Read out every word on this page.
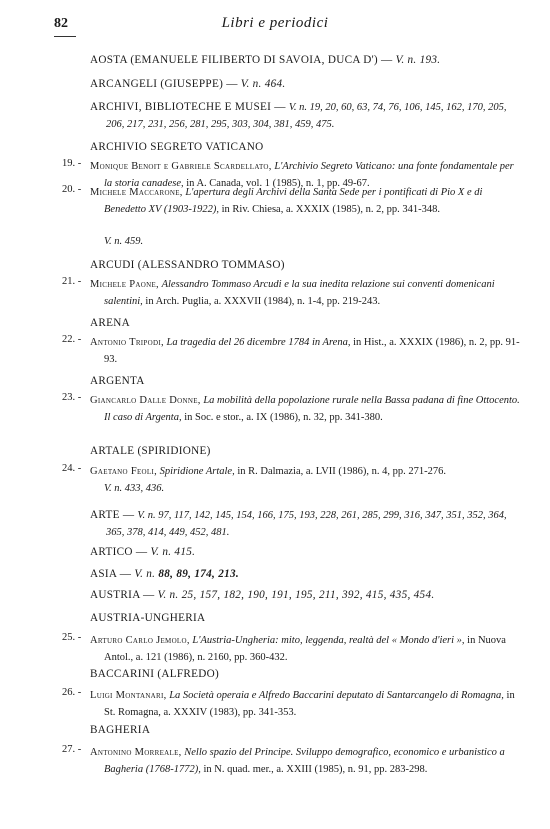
82	Libri e periodici
AOSTA (EMANUELE FILIBERTO DI SAVOIA, DUCA D') — V. n. 193.
ARCANGELI (GIUSEPPE) — V. n. 464.
ARCHIVI, BIBLIOTECHE E MUSEI — V. n. 19, 20, 60, 63, 74, 76, 106, 145, 162, 170, 205, 206, 217, 231, 256, 281, 295, 303, 304, 381, 459, 475.
ARCHIVIO SEGRETO VATICANO
19. - Monique Benoit e Gabriele Scardellato, L'Archivio Segreto Vaticano: una fonte fondamentale per la storia canadese, in A. Canada, vol. 1 (1985), n. 1, pp. 49-67.
20. - Michele Maccarone, L'apertura degli Archivi della Santa Sede per i pontificati di Pio X e di Benedetto XV (1903-1922), in Riv. Chiesa, a. XXXIX (1985), n. 2, pp. 341-348.
V. n. 459.
ARCUDI (ALESSANDRO TOMMASO)
21. - Michele Paone, Alessandro Tommaso Arcudi e la sua inedita relazione sui conventi domenicani salentini, in Arch. Puglia, a. XXXVII (1984), n. 1-4, pp. 219-243.
ARENA
22. - Antonio Tripodi, La tragedia del 26 dicembre 1784 in Arena, in Hist., a. XXXIX (1986), n. 2, pp. 91-93.
ARGENTA
23. - Giancarlo Dalle Donne, La mobilità della popolazione rurale nella Bassa padana di fine Ottocento. Il caso di Argenta, in Soc. e stor., a. IX (1986), n. 32, pp. 341-380.
ARTALE (SPIRIDIONE)
24. - Gaetano Feoli, Spiridione Artale, in R. Dalmazia, a. LVII (1986), n. 4, pp. 271-276.
V. n. 433, 436.
ARTE — V. n. 97, 117, 142, 145, 154, 166, 175, 193, 228, 261, 285, 299, 316, 347, 351, 352, 364, 365, 378, 414, 449, 452, 481.
ARTICO — V. n. 415.
ASIA — V. n. 88, 89, 174, 213.
AUSTRIA — V. n. 25, 157, 182, 190, 191, 195, 211, 392, 415, 435, 454.
AUSTRIA-UNGHERIA
25. - Arturo Carlo Jemolo, L'Austria-Ungheria: mito, leggenda, realtà del « Mondo d'ieri », in Nuova Antol., a. 121 (1986), n. 2160, pp. 360-432.
BACCARINI (ALFREDO)
26. - Luigi Montanari, La Società operaia e Alfredo Baccarini deputato di Santarcangelo di Romagna, in St. Romagna, a. XXXIV (1983), pp. 341-353.
BAGHERIA
27. - Antonino Morreale, Nello spazio del Principe. Sviluppo demografico, economico e urbanistico a Bagheria (1768-1772), in N. quad. mer., a. XXIII (1985), n. 91, pp. 283-298.
